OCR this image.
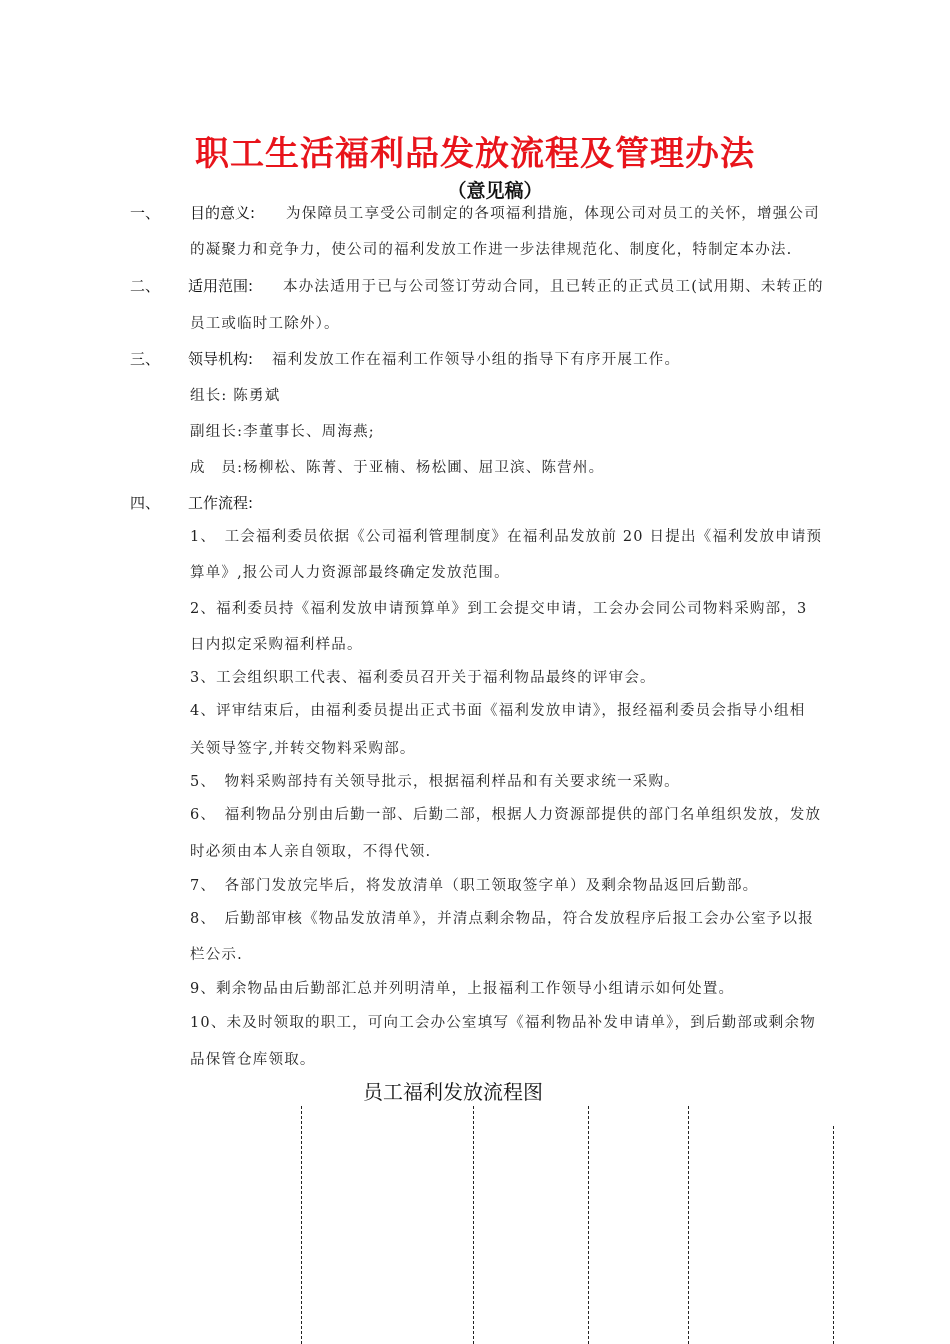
职工生活福利品发放流程及管理办法
（意见稿）
一、 目的意义: 为保障员工享受公司制定的各项福利措施，体现公司对员工的关怀，增强公司
的凝聚力和竞争力，使公司的福利发放工作进一步法律规范化、制度化，特制定本办法.
二、 适用范围: 本办法适用于已与公司签订劳动合同，且已转正的正式员工(试用期、未转正的
员工或临时工除外）。
三、 领导机构: 福利发放工作在福利工作领导小组的指导下有序开展工作。
组长: 陈勇斌
副组长:李董事长、周海燕;
成　员:杨柳松、陈菁、于亚楠、杨松圃、屈卫滨、陈营州。
四、 工作流程:
1、　工会福利委员依据《公司福利管理制度》在福利品发放前 20 日提出《福利发放申请预
算单》,报公司人力资源部最终确定发放范围。
2、福利委员持《福利发放申请预算单》到工会提交申请，工会办会同公司物料采购部，3
日内拟定采购福利样品。
3、工会组织职工代表、福利委员召开关于福利物品最终的评审会。
4、评审结束后，由福利委员提出正式书面《福利发放申请》，报经福利委员会指导小组相
关领导签字,并转交物料采购部。
5、　物料采购部持有关领导批示，根据福利样品和有关要求统一采购。
6、　福利物品分别由后勤一部、后勤二部，根据人力资源部提供的部门名单组织发放，发放
时必须由本人亲自领取，不得代领.
7、　各部门发放完毕后，将发放清单（职工领取签字单）及剩余物品返回后勤部。
8、　后勤部审核《物品发放清单》，并清点剩余物品，符合发放程序后报工会办公室予以报
栏公示.
9、剩余物品由后勤部汇总并列明清单，上报福利工作领导小组请示如何处置。
10、未及时领取的职工，可向工会办公室填写《福利物品补发申请单》，到后勤部或剩余物
品保管仓库领取。
员工福利发放流程图
